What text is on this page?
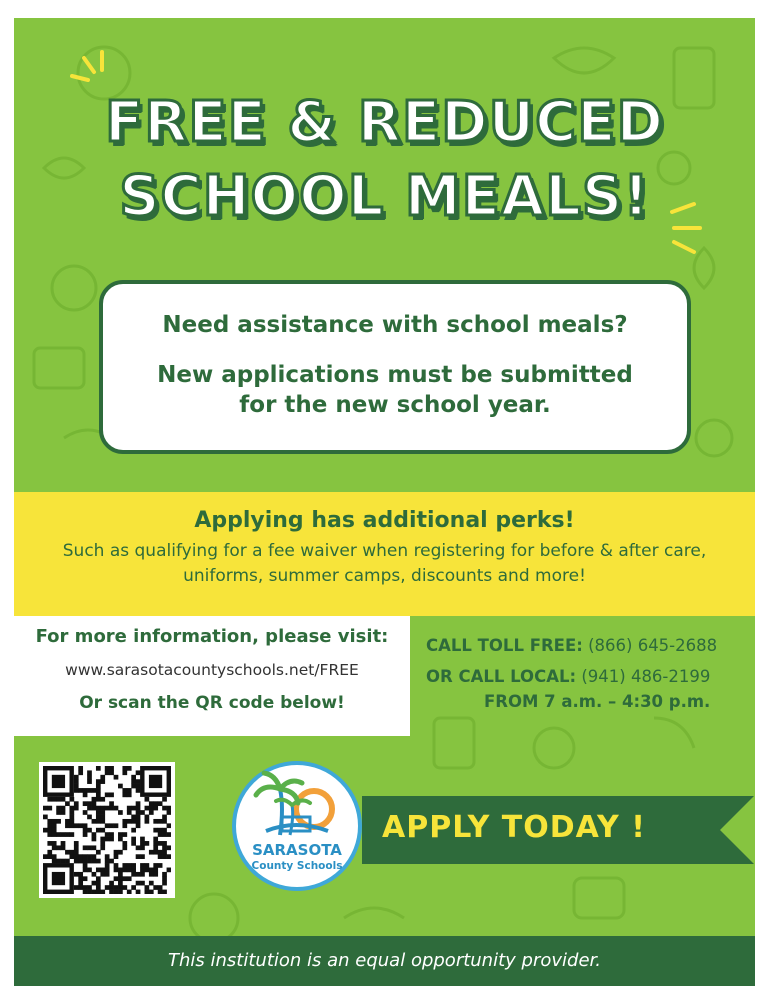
FREE & REDUCED
SCHOOL MEALS!
Need assistance with school meals?
New applications must be submitted for the new school year.
Applying has additional perks!
Such as qualifying for a fee waiver when registering for before & after care, uniforms, summer camps, discounts and more!
For more information, please visit:
www.sarasotacountyschools.net/FREE
Or scan the QR code below!
CALL TOLL FREE: (866) 645-2688
OR CALL LOCAL: (941) 486-2199
FROM 7 a.m. – 4:30 p.m.
SARASOTA
County Schools
APPLY TODAY !
This institution is an equal opportunity provider.
